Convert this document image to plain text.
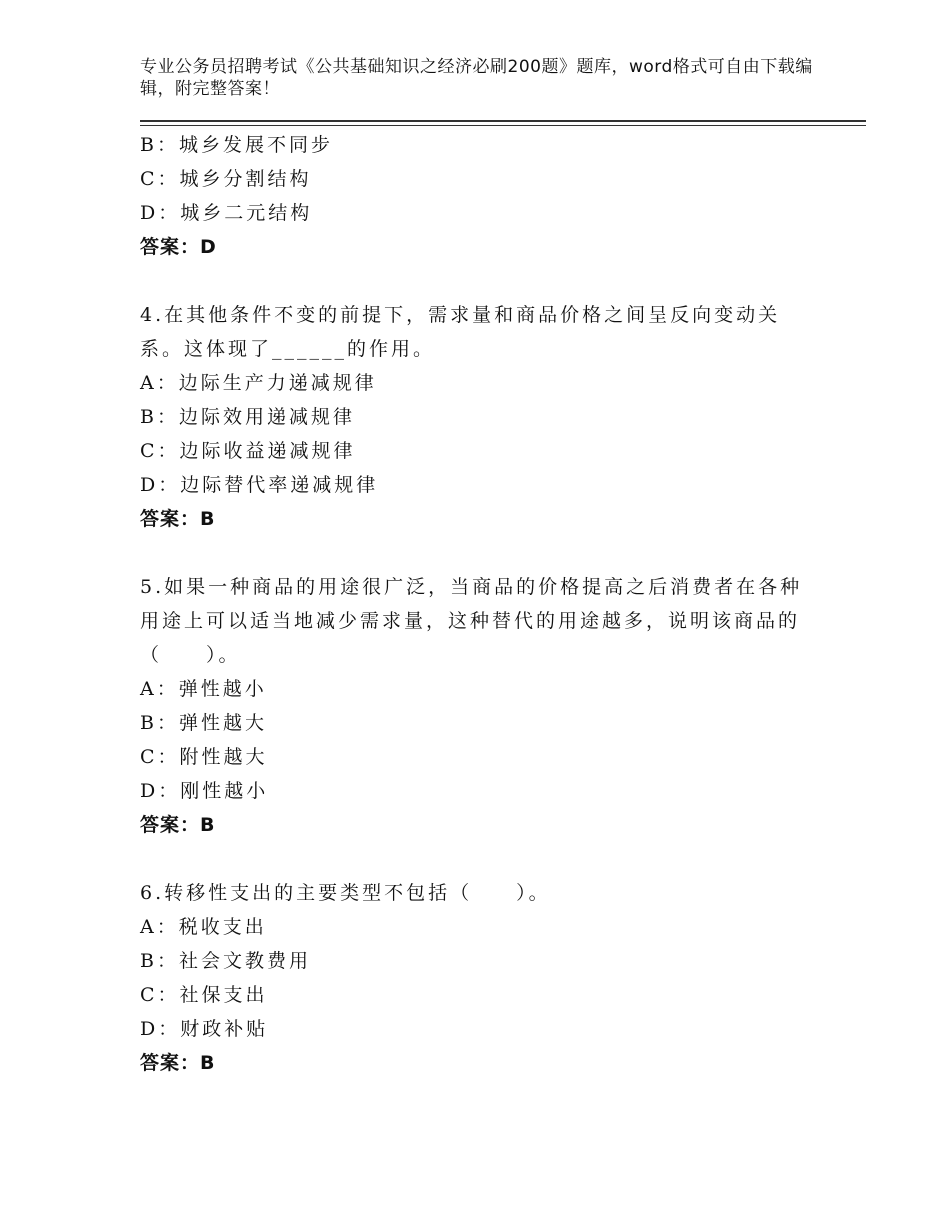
专业公务员招聘考试《公共基础知识之经济必刷200题》题库，word格式可自由下载编辑，附完整答案！
B：城乡发展不同步
C：城乡分割结构
D：城乡二元结构
答案：D
4.在其他条件不变的前提下，需求量和商品价格之间呈反向变动关系。这体现了______的作用。
A：边际生产力递减规律
B：边际效用递减规律
C：边际收益递减规律
D：边际替代率递减规律
答案：B
5.如果一种商品的用途很广泛，当商品的价格提高之后消费者在各种用途上可以适当地减少需求量，这种替代的用途越多，说明该商品的（　　）。
A：弹性越小
B：弹性越大
C：附性越大
D：刚性越小
答案：B
6.转移性支出的主要类型不包括（　　）。
A：税收支出
B：社会文教费用
C：社保支出
D：财政补贴
答案：B
